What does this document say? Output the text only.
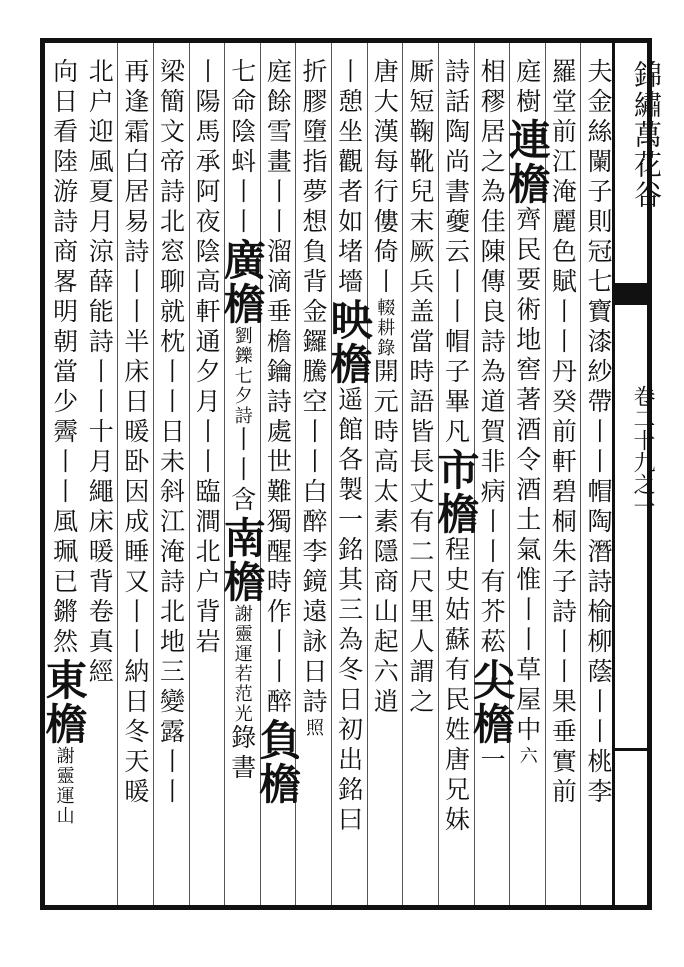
錦繡萬花谷
卷二十九之一
夫金絲闌子則冠七寶漆紗帶丨丨帽陶潛詩榆柳蔭丨丨桃李
羅堂前江淹麗色賦丨丨丹癸前軒碧桐朱子詩丨丨果垂實前
庭樹連檐齊民要術地窖著酒令酒土氣惟丨丨草屋中六
相穋居之為佳陳傳良詩為道賀非病丨丨有芥菘尖檐一
詩話陶尚書䕫云丨丨帽子畢凡市檐程史姑蘇有民姓唐兄妹
厮短鞠靴兒末厥兵盖當時語皆長丈有二尺里人謂之
唐大漢每行僂倚丨輟耕錄開元時高太素隱商山起六逍
丨憩坐觀者如堵墻映檐遥館各製一銘其三為冬日初出銘曰
折膠墮指夢想負背金鑼騰空丨丨白醉李鏡遠詠日詩照
庭餘雪畫丨丨溜滴垂檐鑰詩處世難獨醒時作丨丨醉負檐
七命陰蚪丨丨廣檐劉鑠七夕詩丨丨含南檐謝靈運若范光錄書
丨陽馬承阿夜陰高軒通夕月丨丨臨澗北户背岩
梁簡文帝詩北窓聊就枕丨丨日未斜江淹詩北地三變露丨丨
再逢霜白居易詩丨丨半床日暖卧因成睡又丨丨納日冬天暖
北户迎風夏月涼薛能詩丨丨十月繩床暖背卷真經
向日看陸游詩商畧明朝當少霽丨丨風珮已鏘然東檐謝靈運山
